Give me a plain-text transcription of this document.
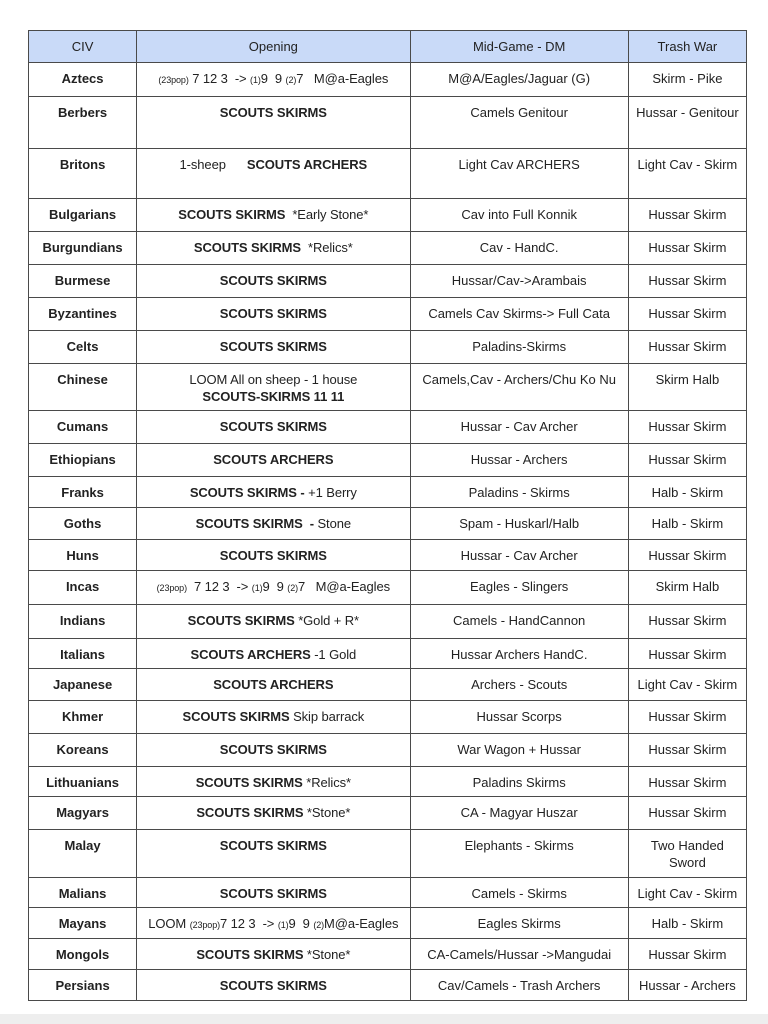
CIV	Opening	Mid-Game - DM	Trash War
Aztecs	(23pop) 7 12 3  -> (1)9  9 (2)7   M@a-Eagles	M@A/Eagles/Jaguar (G)	Skirm - Pike
Berbers	SCOUTS SKIRMS	Camels Genitour	Hussar - Genitour
Britons	1-sheep      SCOUTS ARCHERS	Light Cav ARCHERS	Light Cav - Skirm
Bulgarians	SCOUTS SKIRMS  *Early Stone*	Cav into Full Konnik	Hussar Skirm
Burgundians	SCOUTS SKIRMS  *Relics*	Cav - HandC.	Hussar Skirm
Burmese	SCOUTS SKIRMS	Hussar/Cav->Arambais	Hussar Skirm
Byzantines	SCOUTS SKIRMS	Camels Cav Skirms-> Full Cata	Hussar Skirm
Celts	SCOUTS SKIRMS	Paladins-Skirms	Hussar Skirm
Chinese	LOOM All on sheep - 1 house
SCOUTS-SKIRMS 11 11	Camels,Cav - Archers/Chu Ko Nu	Skirm Halb
Cumans	SCOUTS SKIRMS	Hussar - Cav Archer	Hussar Skirm
Ethiopians	SCOUTS ARCHERS	Hussar - Archers	Hussar Skirm
Franks	SCOUTS SKIRMS - +1 Berry	Paladins - Skirms	Halb - Skirm
Goths	SCOUTS SKIRMS  - Stone	Spam - Huskarl/Halb	Halb - Skirm
Huns	SCOUTS SKIRMS	Hussar - Cav Archer	Hussar Skirm
Incas	(23pop)  7 12 3  -> (1)9  9 (2)7   M@a-Eagles	Eagles - Slingers	Skirm Halb
Indians	SCOUTS SKIRMS *Gold + R*	Camels - HandCannon	Hussar Skirm
Italians	SCOUTS ARCHERS -1 Gold	Hussar Archers HandC.	Hussar Skirm
Japanese	SCOUTS ARCHERS	Archers - Scouts	Light Cav - Skirm
Khmer	SCOUTS SKIRMS Skip barrack	Hussar Scorps	Hussar Skirm
Koreans	SCOUTS SKIRMS	War Wagon + Hussar	Hussar Skirm
Lithuanians	SCOUTS SKIRMS *Relics*	Paladins Skirms	Hussar Skirm
Magyars	SCOUTS SKIRMS *Stone*	CA - Magyar Huszar	Hussar Skirm
Malay	SCOUTS SKIRMS	Elephants - Skirms	Two Handed Sword
Malians	SCOUTS SKIRMS	Camels - Skirms	Light Cav - Skirm
Mayans	LOOM (23pop)7 12 3  -> (1)9  9 (2)M@a-Eagles	Eagles Skirms	Halb - Skirm
Mongols	SCOUTS SKIRMS *Stone*	CA-Camels/Hussar ->Mangudai	Hussar Skirm
Persians	SCOUTS SKIRMS	Cav/Camels - Trash Archers	Hussar - Archers
